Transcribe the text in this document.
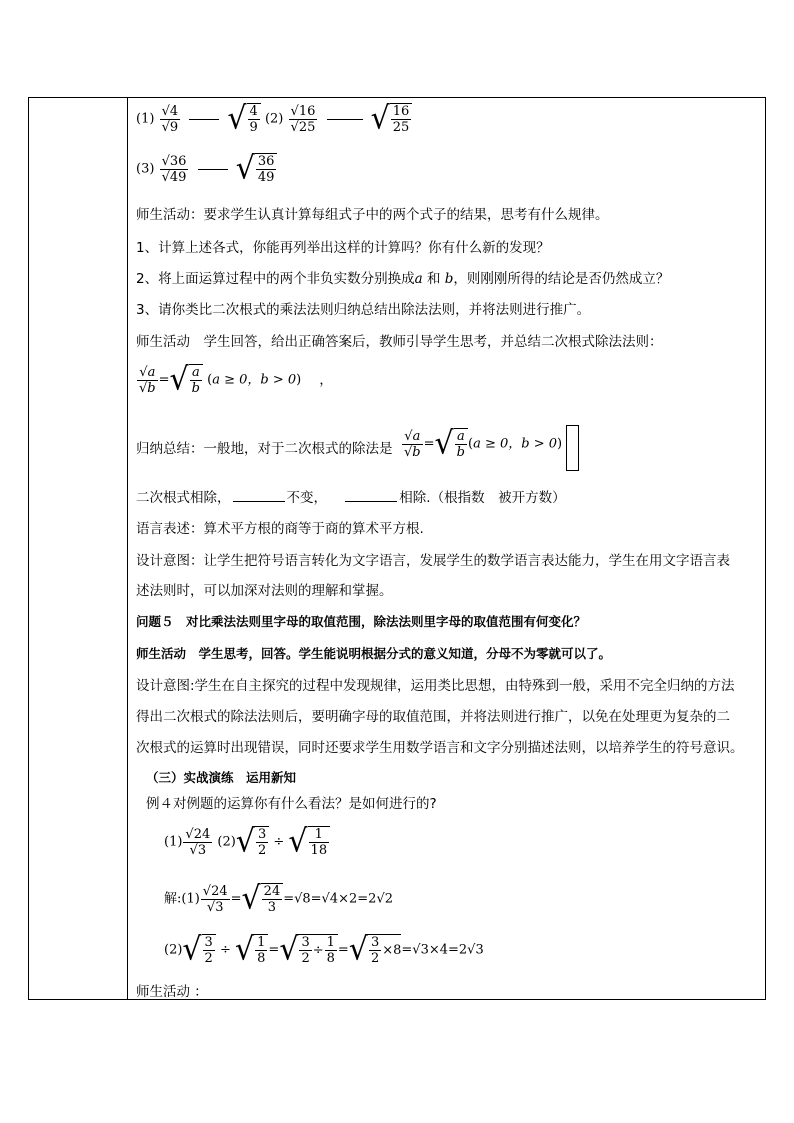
$(1) \frac{√4}{√9}$
√ $\frac{4}{9} (2) \frac{√16}{√25}$
√ $\frac{16}{25}$
$(3) \frac{√36}{√49}$
√ $\frac{36}{49}$
师生活动：要求学生认真计算每组式子中的两个式子的结果，思考有什么规律。
1、计算上述各式，你能再列举出这样的计算吗？你有什么新的发现？
2、将上面运算过程中的两个非负实数分别换成a 和 b，则刚刚所得的结论是否仍然成立？
3、请你类比二次根式的乘法法则归纳总结出除法法则，并将法则进行推广。
师生活动　学生回答，给出正确答案后，教师引导学生思考，并总结二次根式除法法则：
$\frac{√a}{√b}$ = √ $\frac{a}{b} (a \ge 0$，b > 0) ，
归纳总结：一般地，对于二次根式的除法是 $\frac{√a}{√b}$ = √ $\frac{a}{b} (a \ge 0$，b > 0)
二次根式相除，	不变，	相除.（根指数　被开方数）
语言表述：算术平方根的商等于商的算术平方根.
设计意图：让学生把符号语言转化为文字语言，发展学生的数学语言表达能力，学生在用文字语言表
述法则时，可以加深对法则的理解和掌握。
问题５　对比乘法法则里字母的取值范围，除法法则里字母的取值范围有何变化？
师生活动　学生思考，回答。学生能说明根据分式的意义知道，分母不为零就可以了。
设计意图:学生在自主探究的过程中发现规律，运用类比思想，由特殊到一般，采用不完全归纳的方法
得出二次根式的除法法则后，要明确字母的取值范围，并将法则进行推广，以免在处理更为复杂的二
次根式的运算时出现错误，同时还要求学生用数学语言和文字分别描述法则，以培养学生的符号意识。
（三）实战演练　运用新知
例４对例题的运算你有什么看法？是如何进行的?
$(1) \frac{√24}{√3} (2)$ √ $\frac{3}{2}$ ÷ √ $\frac{1}{18}$
解:(1) $\frac{√24}{√3}$ = √ $\frac{24}{3} =√8=√4\times 2=2√2$
(2) √ $\frac{3}{2}$ ÷ √ $\frac{1}{8}$ = √ $\frac{3}{2} \div \frac{1}{8}$ = √ $\frac{3}{2} \times 8 =√3\times 4=2√3$
师生活动 ：
